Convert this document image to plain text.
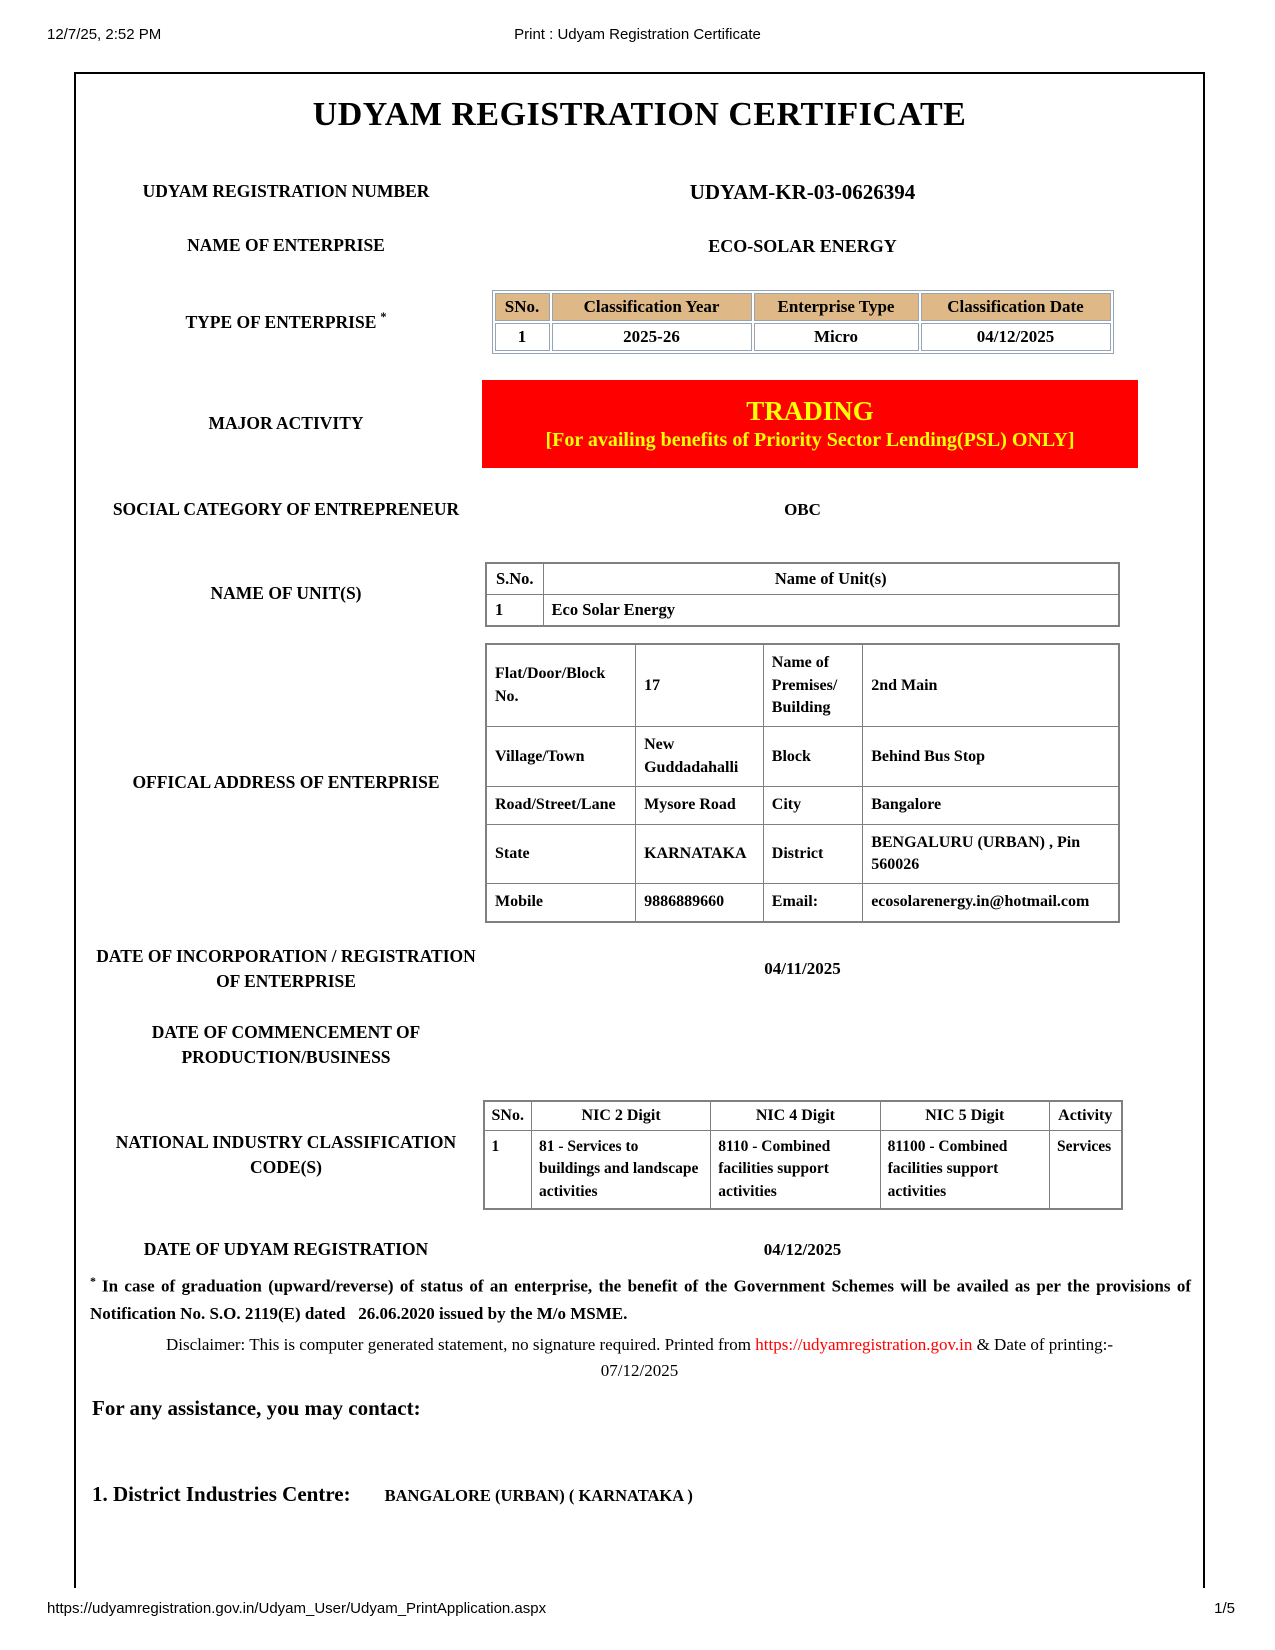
12/7/25, 2:52 PM	Print : Udyam Registration Certificate
UDYAM REGISTRATION CERTIFICATE
UDYAM REGISTRATION NUMBER	UDYAM-KR-03-0626394
NAME OF ENTERPRISE	ECO-SOLAR ENERGY
TYPE OF ENTERPRISE *
SNo.	Classification Year	Enterprise Type	Classification Date
1	2025-26	Micro	04/12/2025
MAJOR ACTIVITY	TRADING
[For availing benefits of Priority Sector Lending(PSL) ONLY]
SOCIAL CATEGORY OF ENTREPRENEUR	OBC
NAME OF UNIT(S)
S.No.	Name of Unit(s)
1	Eco Solar Energy
OFFICAL ADDRESS OF ENTERPRISE
Flat/Door/Block No.	17	Name of Premises/ Building	2nd Main
Village/Town	New Guddadahalli	Block	Behind Bus Stop
Road/Street/Lane	Mysore Road	City	Bangalore
State	KARNATAKA	District	BENGALURU (URBAN) , Pin 560026
Mobile	9886889660	Email:	ecosolarenergy.in@hotmail.com
DATE OF INCORPORATION / REGISTRATION OF ENTERPRISE
04/11/2025
DATE OF COMMENCEMENT OF PRODUCTION/BUSINESS
NATIONAL INDUSTRY CLASSIFICATION CODE(S)
SNo.	NIC 2 Digit	NIC 4 Digit	NIC 5 Digit	Activity
1	81 - Services to buildings and landscape activities	8110 - Combined facilities support activities	81100 - Combined facilities support activities	Services
DATE OF UDYAM REGISTRATION	04/12/2025
* In case of graduation (upward/reverse) of status of an enterprise, the benefit of the Government Schemes will be availed as per the provisions of Notification No. S.O. 2119(E) dated   26.06.2020 issued by the M/o MSME.
Disclaimer: This is computer generated statement, no signature required. Printed from https://udyamregistration.gov.in & Date of printing:-
07/12/2025
For any assistance, you may contact:
1. District Industries Centre: BANGALORE (URBAN) ( KARNATAKA )
https://udyamregistration.gov.in/Udyam_User/Udyam_PrintApplication.aspx	1/5
